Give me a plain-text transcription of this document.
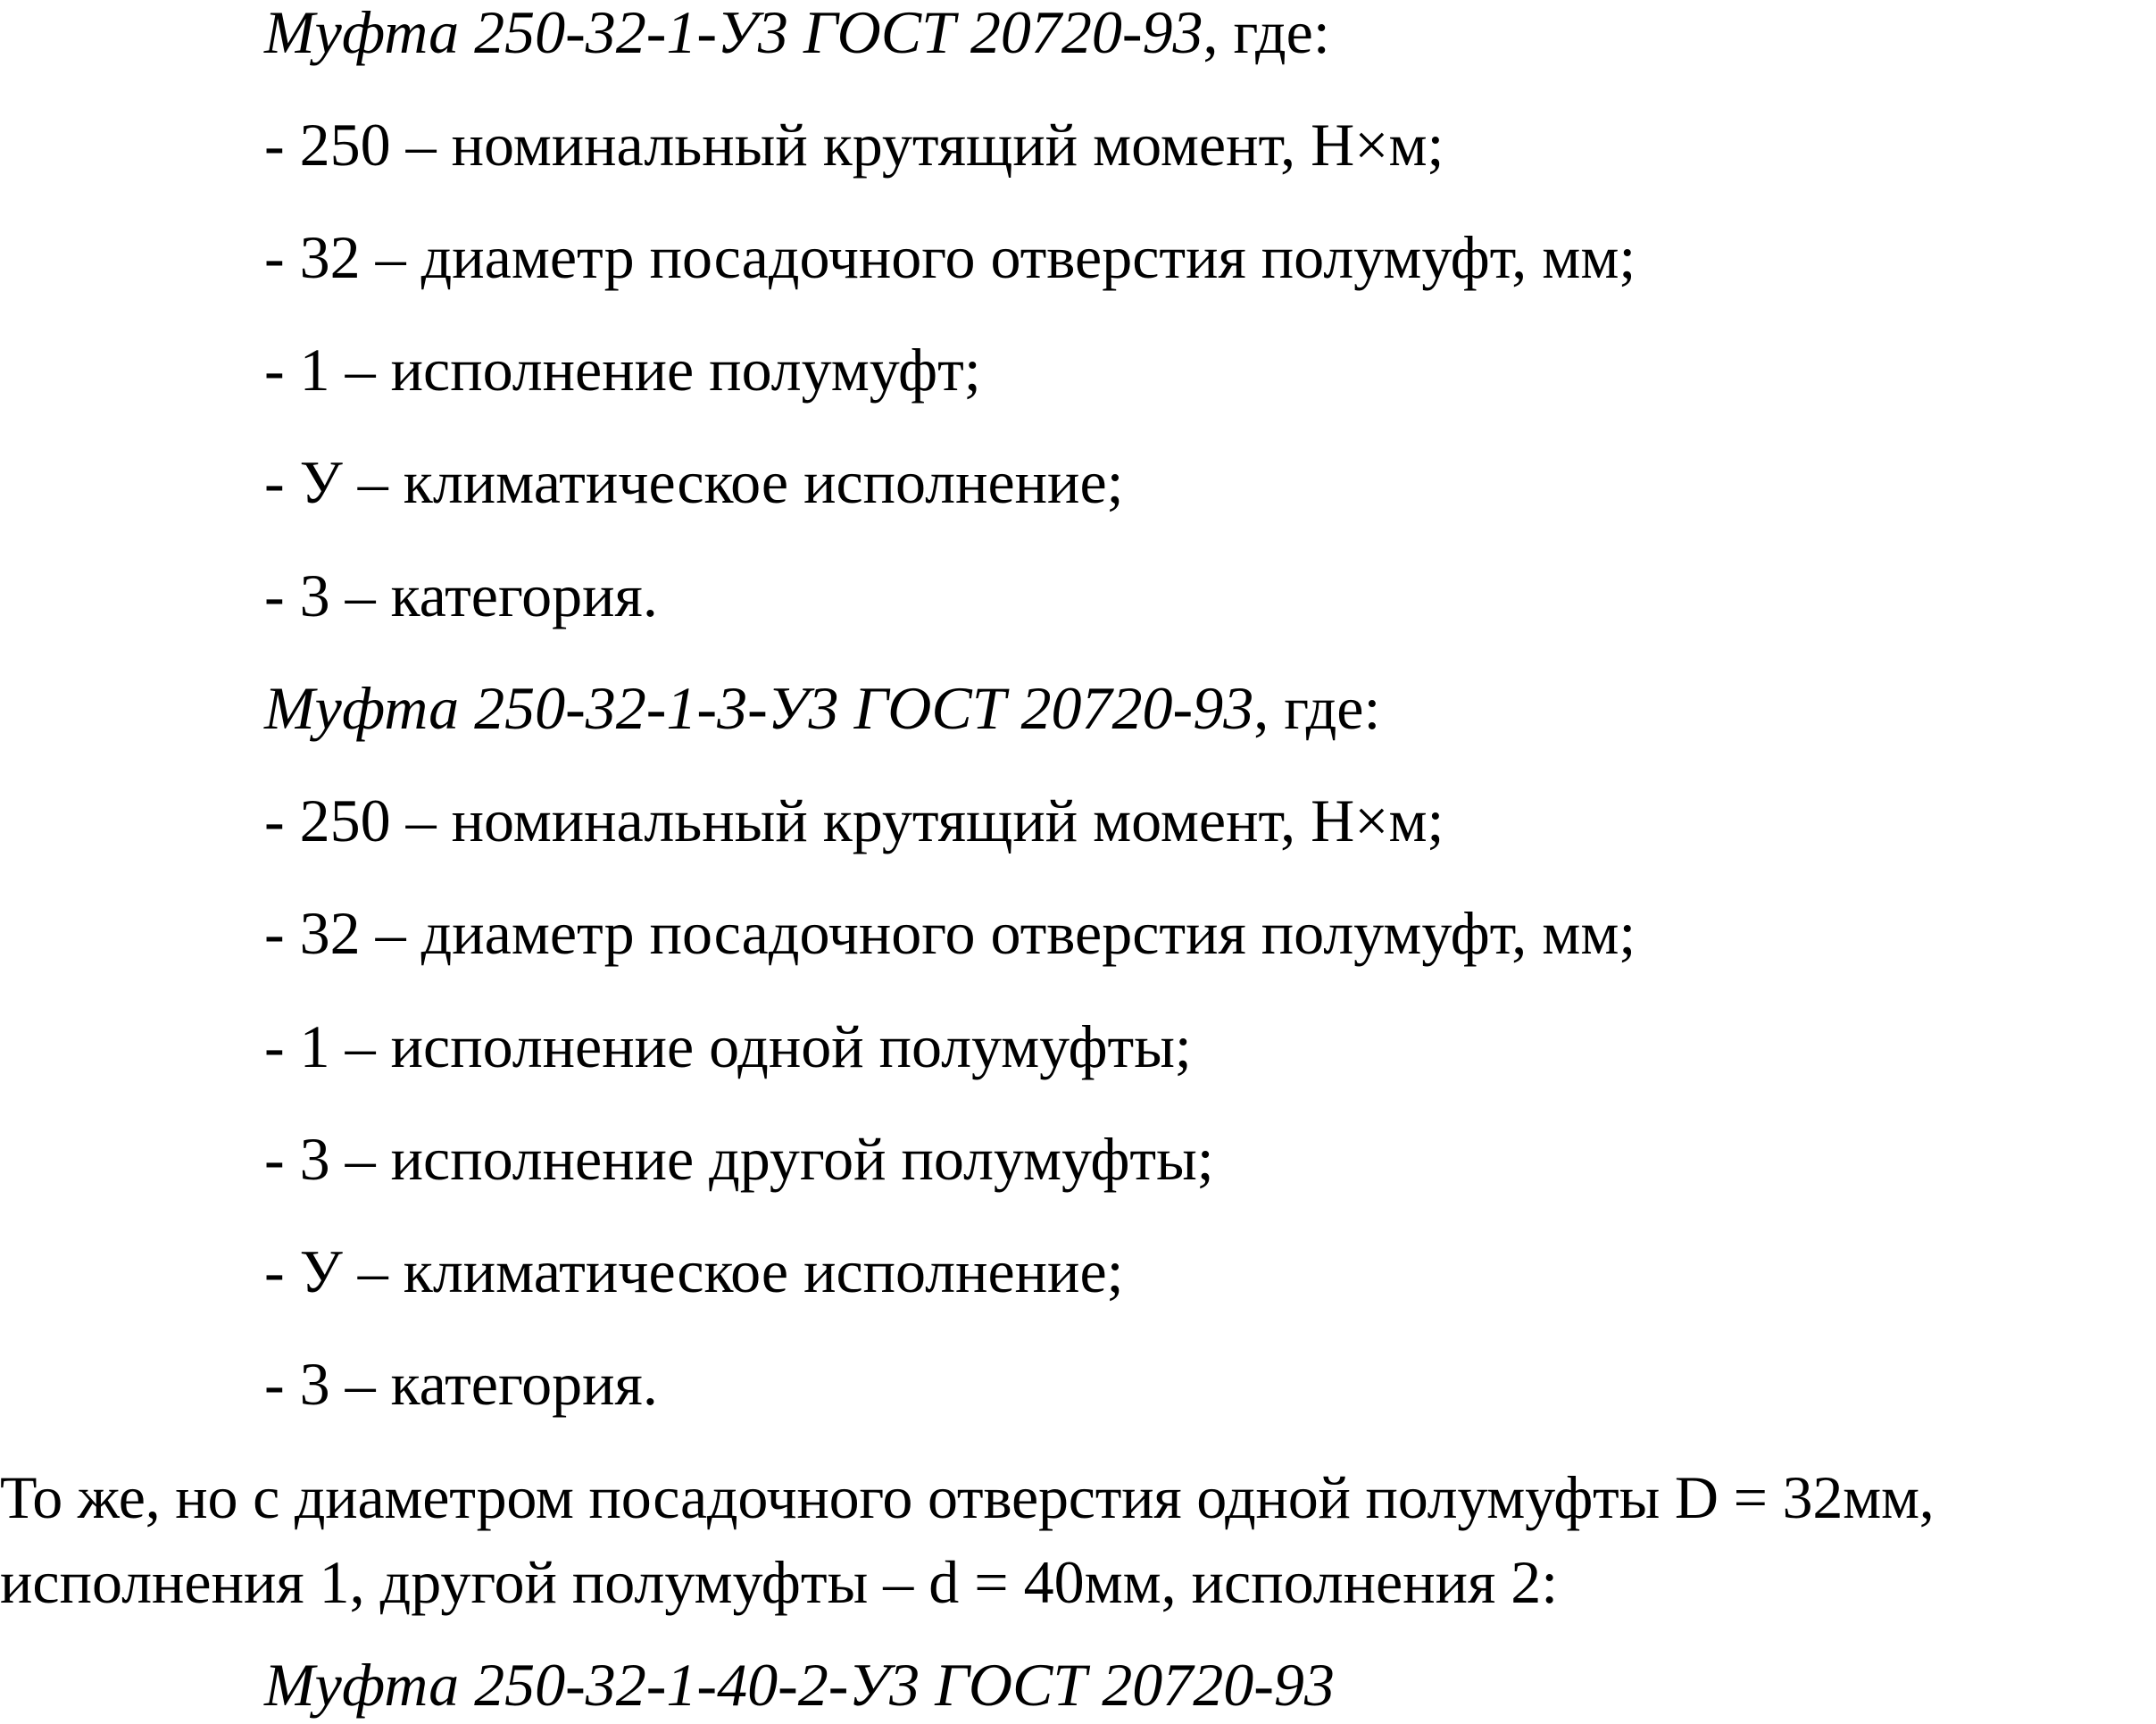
Муфта 250-32-1-У3 ГОСТ 20720-93, где:
- 250 – номинальный крутящий момент, Н×м;
- 32 – диаметр посадочного отверстия полумуфт, мм;
- 1 – исполнение полумуфт;
- У – климатическое исполнение;
- 3 – категория.
Муфта 250-32-1-3-У3 ГОСТ 20720-93, где:
- 250 – номинальный крутящий момент, Н×м;
- 32 – диаметр посадочного отверстия полумуфт, мм;
- 1 – исполнение одной полумуфты;
- 3 – исполнение другой полумуфты;
- У – климатическое исполнение;
- 3 – категория.
То же, но с диаметром посадочного отверстия одной полумуфты D = 32мм,
исполнения 1, другой полумуфты – d = 40мм, исполнения 2:
Муфта 250-32-1-40-2-У3 ГОСТ 20720-93
